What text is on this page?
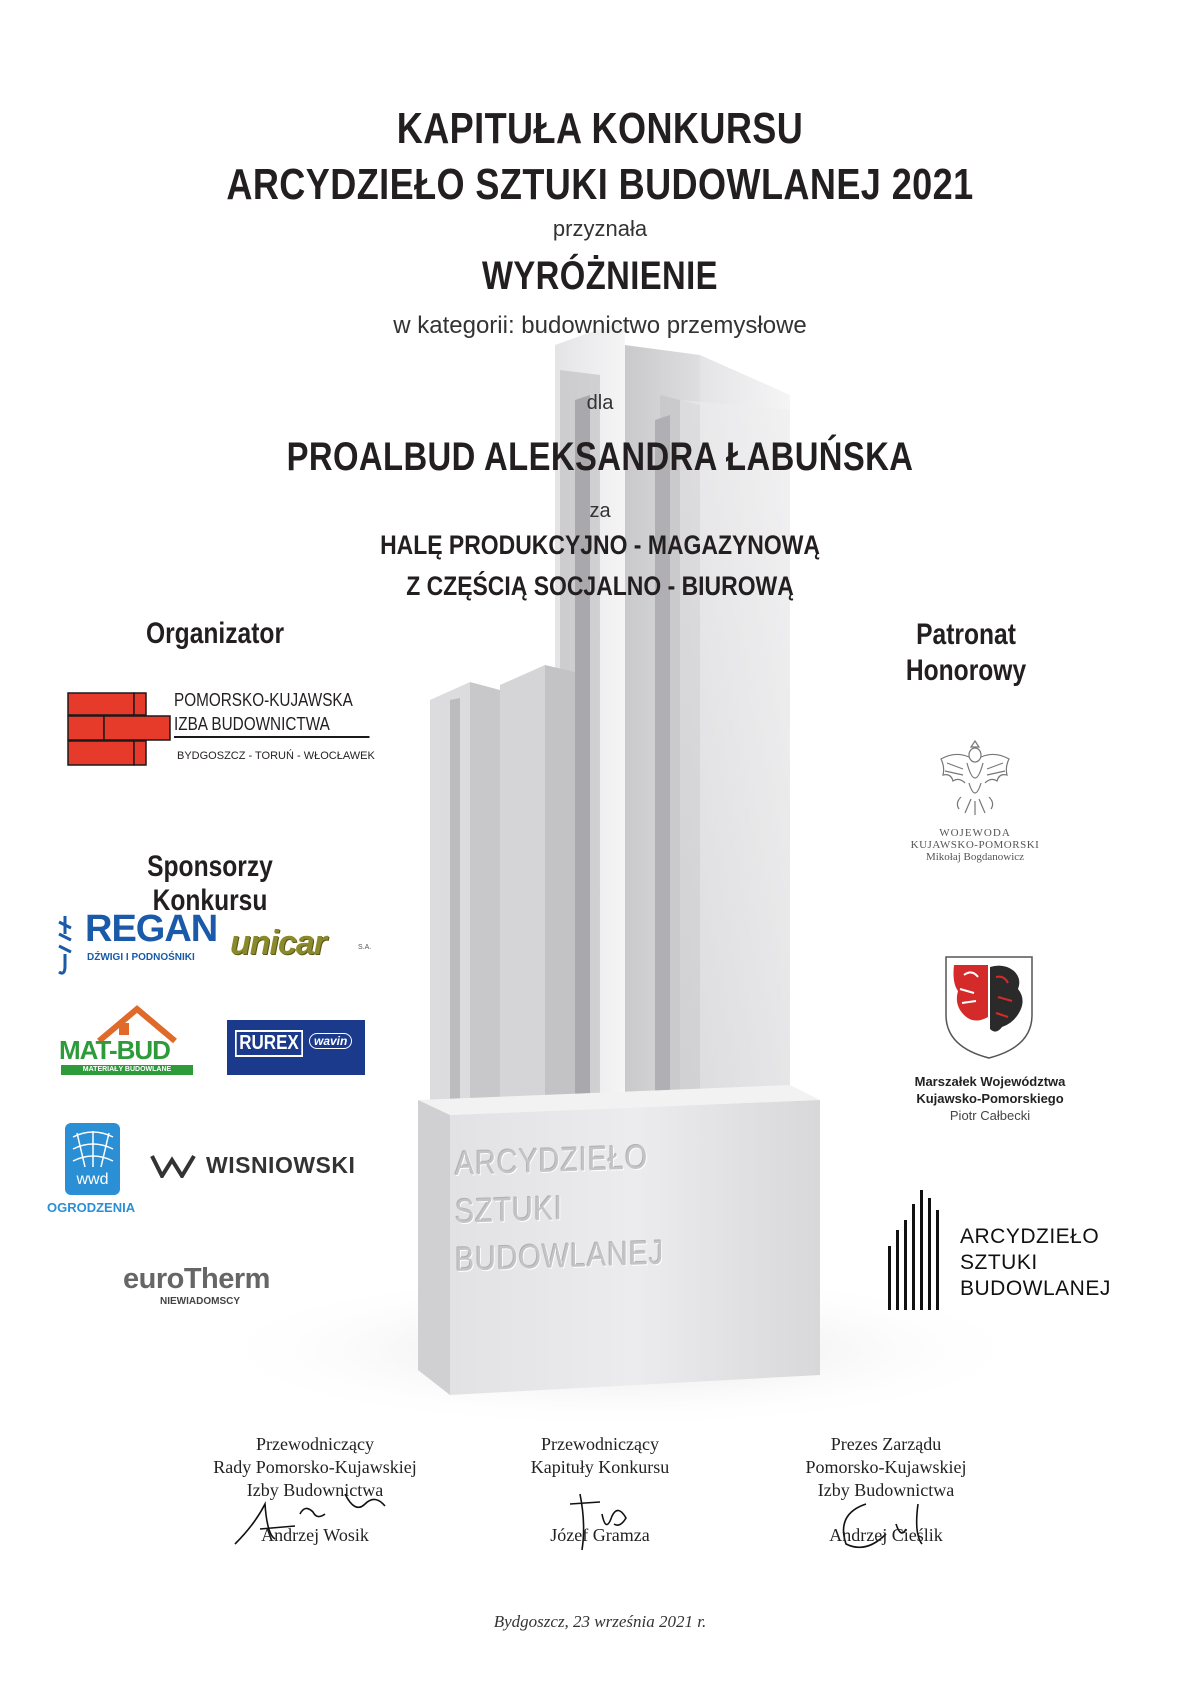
ARCYDZIEŁO
SZTUKI
BUDOWLANEJ
KAPITUŁA KONKURSU
ARCYDZIEŁO SZTUKI BUDOWLANEJ 2021
przyznała
WYRÓŻNIENIE
w kategorii: budownictwo przemysłowe
dla
PROALBUD ALEKSANDRA ŁABUŃSKA
za
HALĘ PRODUKCYJNO - MAGAZYNOWĄ
Z CZĘŚCIĄ SOCJALNO - BIUROWĄ
Organizator
POMORSKO-KUJAWSKA
IZBA BUDOWNICTWA
BYDGOSZCZ - TORUŃ - WŁOCŁAWEK
Sponsorzy Konkursu
REGAN
DŹWIGI I PODNOŚNIKI unicar	S.A.
MAT-BUD
MATERIAŁY BUDOWLANE
RUREX	wavin
wwd
OGRODZENIA
WISNIOWSKI
euroTherm
NIEWIADOMSCY
Patronat
Honorowy
WOJEWODA
KUJAWSKO-POMORSKI
Mikołaj Bogdanowicz
Marszałek Województwa
Kujawsko-Pomorskiego
Piotr Całbecki
ARCYDZIEŁO
SZTUKI
BUDOWLANEJ
Przewodniczący
Rady Pomorsko-Kujawskiej
Izby Budownictwa
Andrzej Wosik
Przewodniczący
Kapituły Konkursu
Józef Gramza
Prezes Zarządu
Pomorsko-Kujawskiej
Izby Budownictwa
Andrzej Cieślik
Bydgoszcz, 23 września 2021 r.
